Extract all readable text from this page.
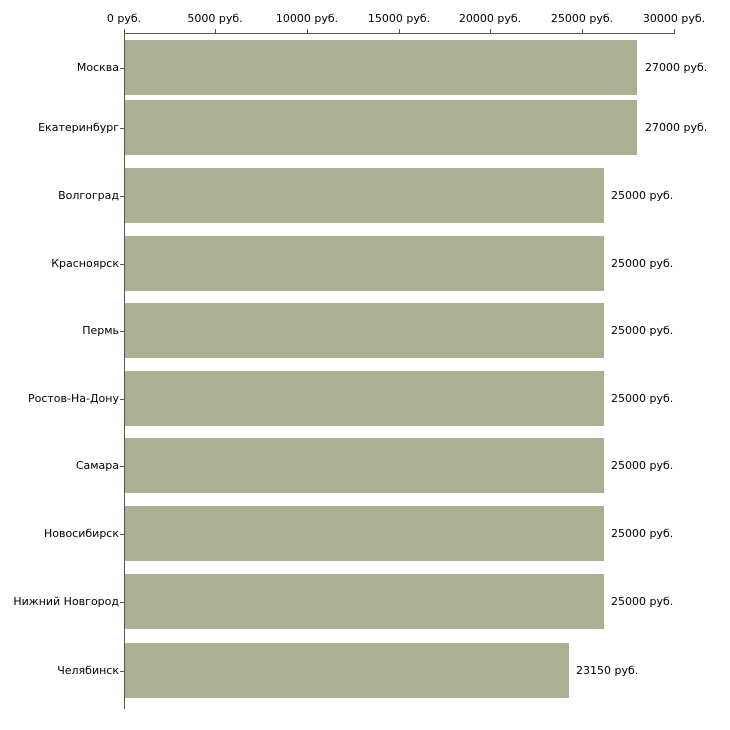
0 руб.	5000 руб.	10000 руб.	15000 руб.	20000 руб.	25000 руб.	30000 руб.
Москва	27000 руб.
Екатеринбург	27000 руб.
Волгоград	25000 руб.
Красноярск	25000 руб.
Пермь	25000 руб.
Ростов-На-Дону	25000 руб.
Самара	25000 руб.
Новосибирск	25000 руб.
Нижний Новгород	25000 руб.
Челябинск	23150 руб.
